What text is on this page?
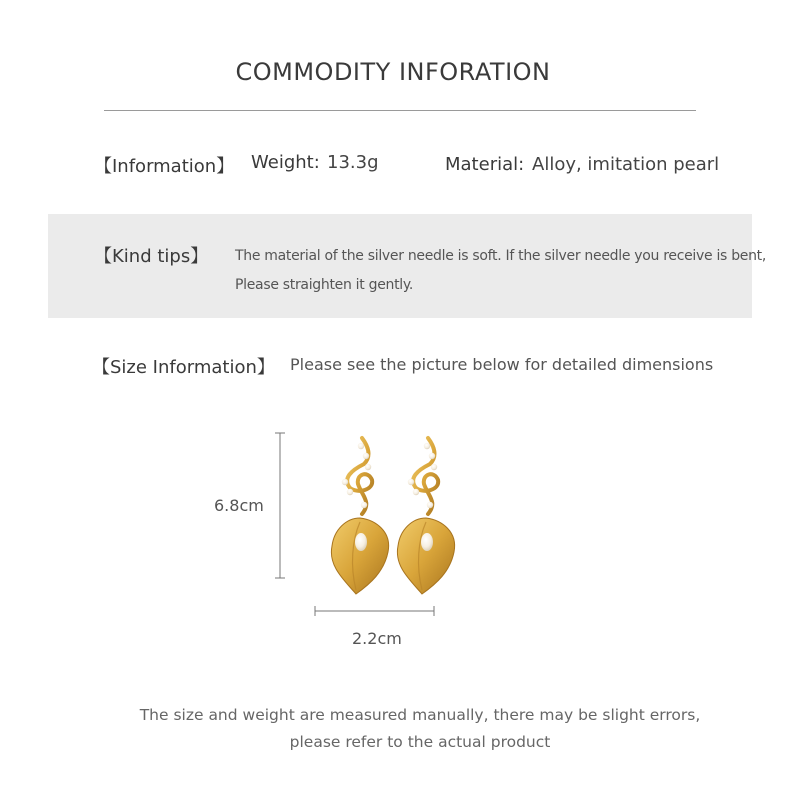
COMMODITY INFORATION
【Information】 Weight: 13.3g	Material: Alloy, imitation pearl
【Kind tips】 The material of the silver needle is soft. If the silver needle you receive is bent,
Please straighten it gently.
【Size Information】 Please see the picture below for detailed dimensions
6.8cm
2.2cm
The size and weight are measured manually, there may be slight errors,
please refer to the actual product
